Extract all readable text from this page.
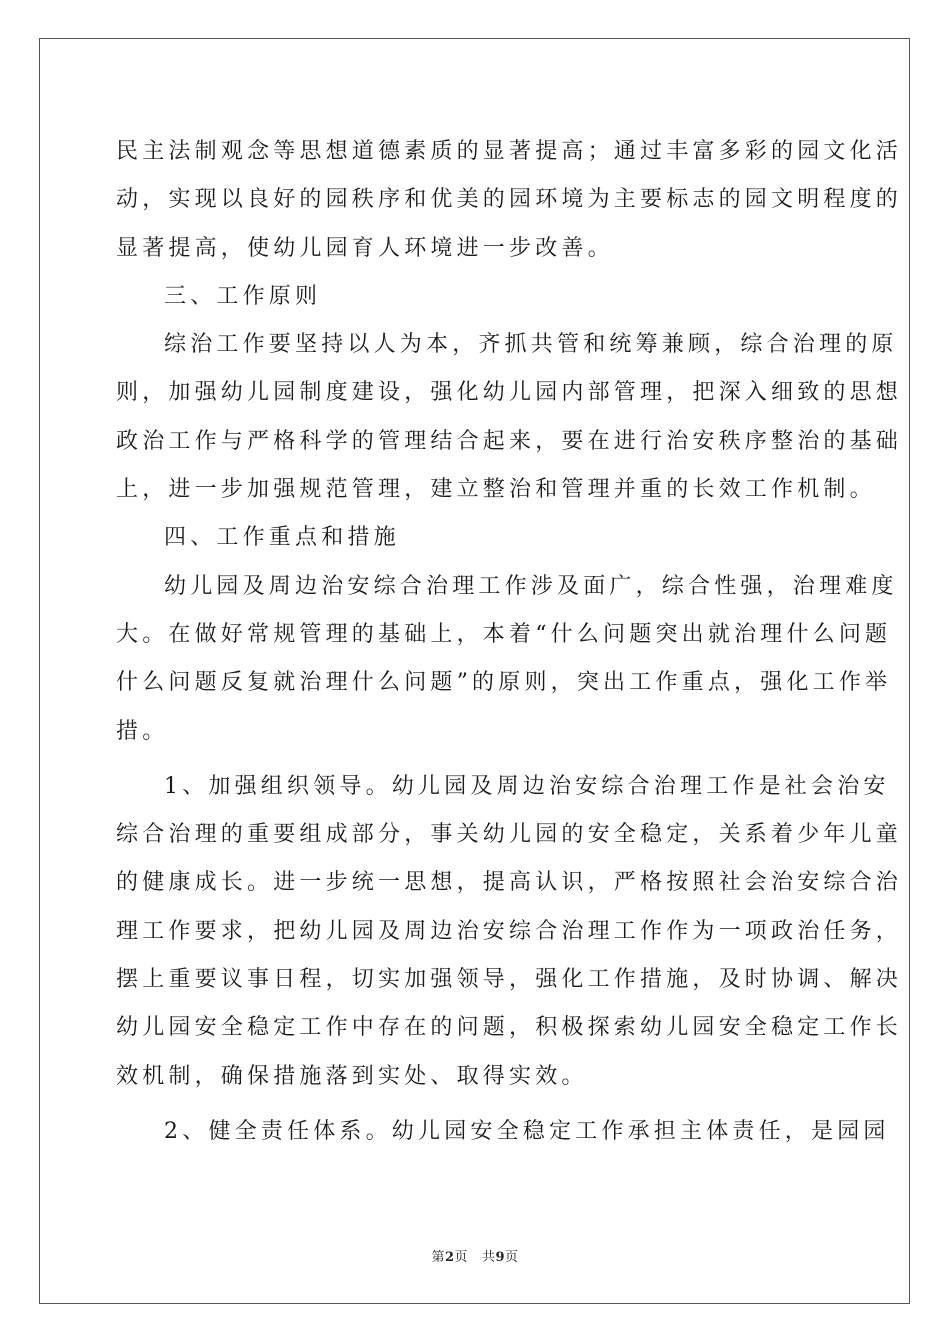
民主法制观念等思想道德素质的显著提高；通过丰富多彩的园文化活
动，实现以良好的园秩序和优美的园环境为主要标志的园文明程度的
显著提高，使幼儿园育人环境进一步改善。
三、工作原则
综治工作要坚持以人为本，齐抓共管和统筹兼顾，综合治理的原
则，加强幼儿园制度建设，强化幼儿园内部管理，把深入细致的思想
政治工作与严格科学的管理结合起来，要在进行治安秩序整治的基础
上，进一步加强规范管理，建立整治和管理并重的长效工作机制。
四、工作重点和措施
幼儿园及周边治安综合治理工作涉及面广，综合性强，治理难度
大。在做好常规管理的基础上，本着“什么问题突出就治理什么问题
什么问题反复就治理什么问题”的原则，突出工作重点，强化工作举
措。
1、加强组织领导。幼儿园及周边治安综合治理工作是社会治安
综合治理的重要组成部分，事关幼儿园的安全稳定，关系着少年儿童
的健康成长。进一步统一思想，提高认识，严格按照社会治安综合治
理工作要求，把幼儿园及周边治安综合治理工作作为一项政治任务，
摆上重要议事日程，切实加强领导，强化工作措施，及时协调、解决
幼儿园安全稳定工作中存在的问题，积极探索幼儿园安全稳定工作长
效机制，确保措施落到实处、取得实效。
2、健全责任体系。幼儿园安全稳定工作承担主体责任，是园园
第2页 共9页
